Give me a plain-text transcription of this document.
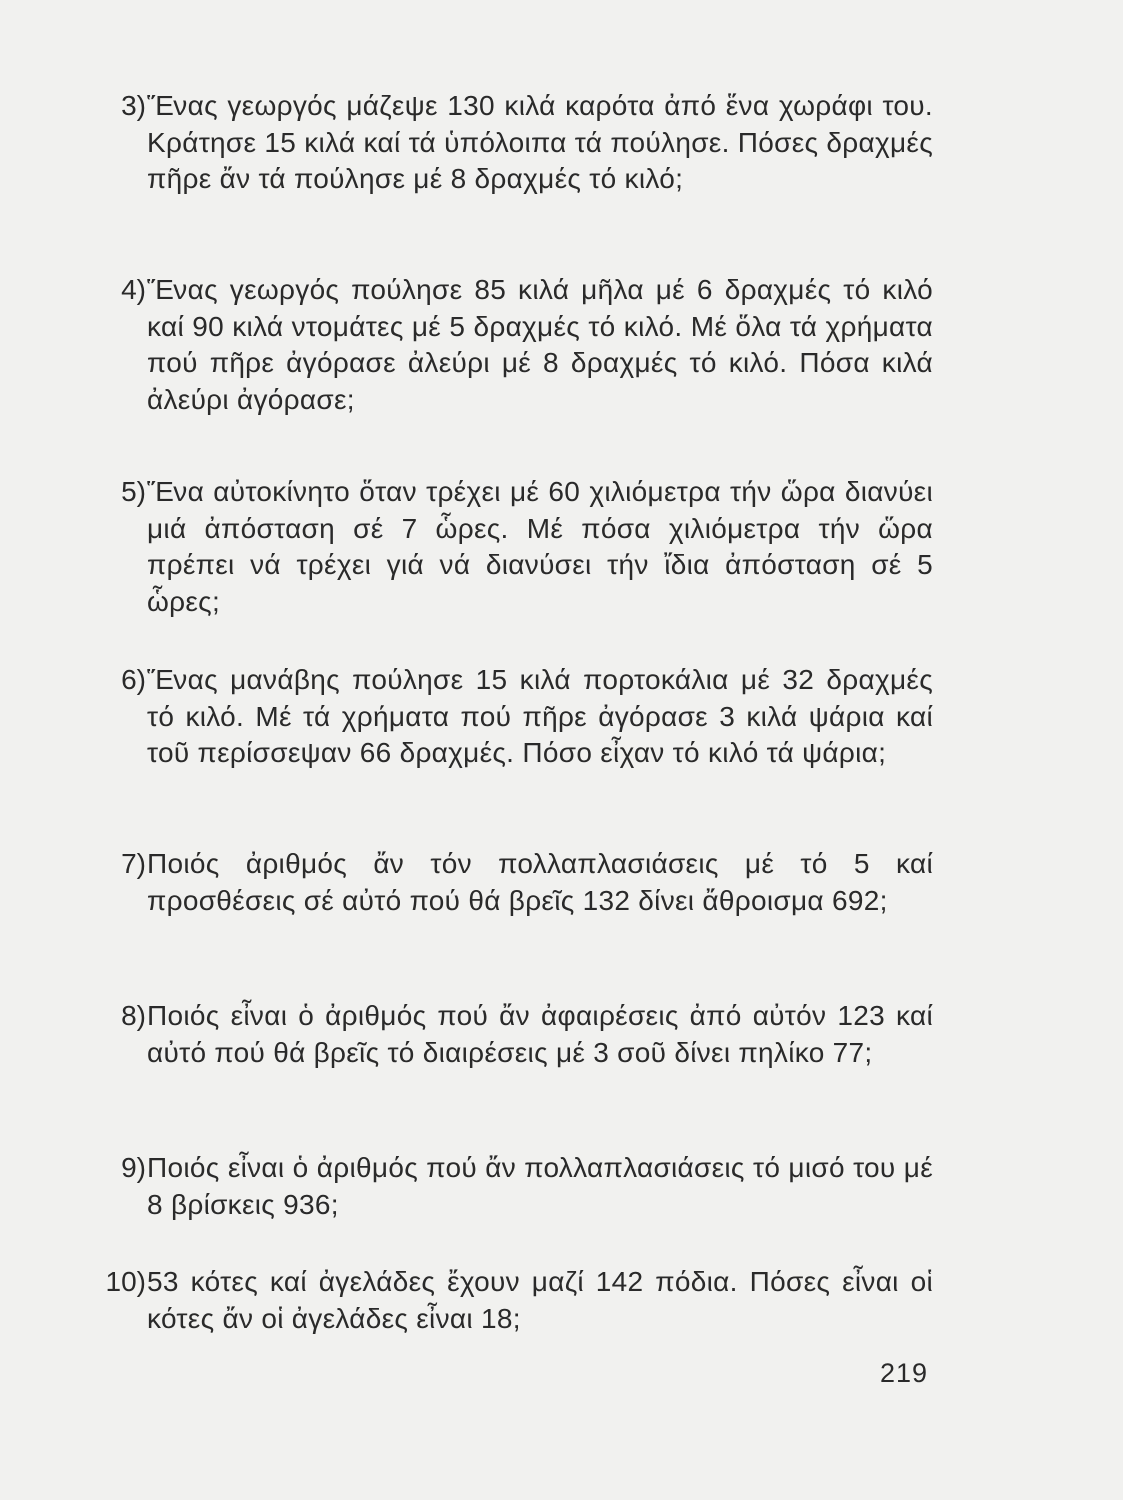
3) Ἕνας γεωργός μάζεψε 130 κιλά καρότα ἀπό ἕνα χωράφι του. Κράτησε 15 κιλά καί τά ὑπόλοιπα τά πούλησε. Πόσες δραχμές πῆρε ἄν τά πούλησε μέ 8 δραχμές τό κιλό;
4) Ἕνας γεωργός πούλησε 85 κιλά μῆλα μέ 6 δραχμές τό κιλό καί 90 κιλά ντομάτες μέ 5 δραχμές τό κιλό. Μέ ὅλα τά χρήματα πού πῆρε ἀγόρασε ἀλεύρι μέ 8 δραχμές τό κιλό. Πόσα κιλά ἀλεύρι ἀγόρασε;
5) Ἕνα αὐτοκίνητο ὅταν τρέχει μέ 60 χιλιόμετρα τήν ὥρα διανύει μιά ἀπόσταση σέ 7 ὧρες. Μέ πόσα χιλιόμετρα τήν ὥρα πρέπει νά τρέχει γιά νά διανύσει τήν ἴδια ἀπόσταση σέ 5 ὧρες;
6) Ἕνας μανάβης πούλησε 15 κιλά πορτοκάλια μέ 32 δραχμές τό κιλό. Μέ τά χρήματα πού πῆρε ἀγόρασε 3 κιλά ψάρια καί τοῦ περίσσεψαν 66 δραχμές. Πόσο εἶχαν τό κιλό τά ψάρια;
7) Ποιός ἀριθμός ἄν τόν πολλαπλασιάσεις μέ τό 5 καί προσθέσεις σέ αὐτό πού θά βρεῖς 132 δίνει ἄθροισμα 692;
8) Ποιός εἶναι ὁ ἀριθμός πού ἄν ἀφαιρέσεις ἀπό αὐτόν 123 καί αὐτό πού θά βρεῖς τό διαιρέσεις μέ 3 σοῦ δίνει πηλίκο 77;
9) Ποιός εἶναι ὁ ἀριθμός πού ἄν πολλαπλασιάσεις τό μισό του μέ 8 βρίσκεις 936;
10) 53 κότες καί ἀγελάδες ἔχουν μαζί 142 πόδια. Πόσες εἶναι οἱ κότες ἄν οἱ ἀγελάδες εἶναι 18;
219
